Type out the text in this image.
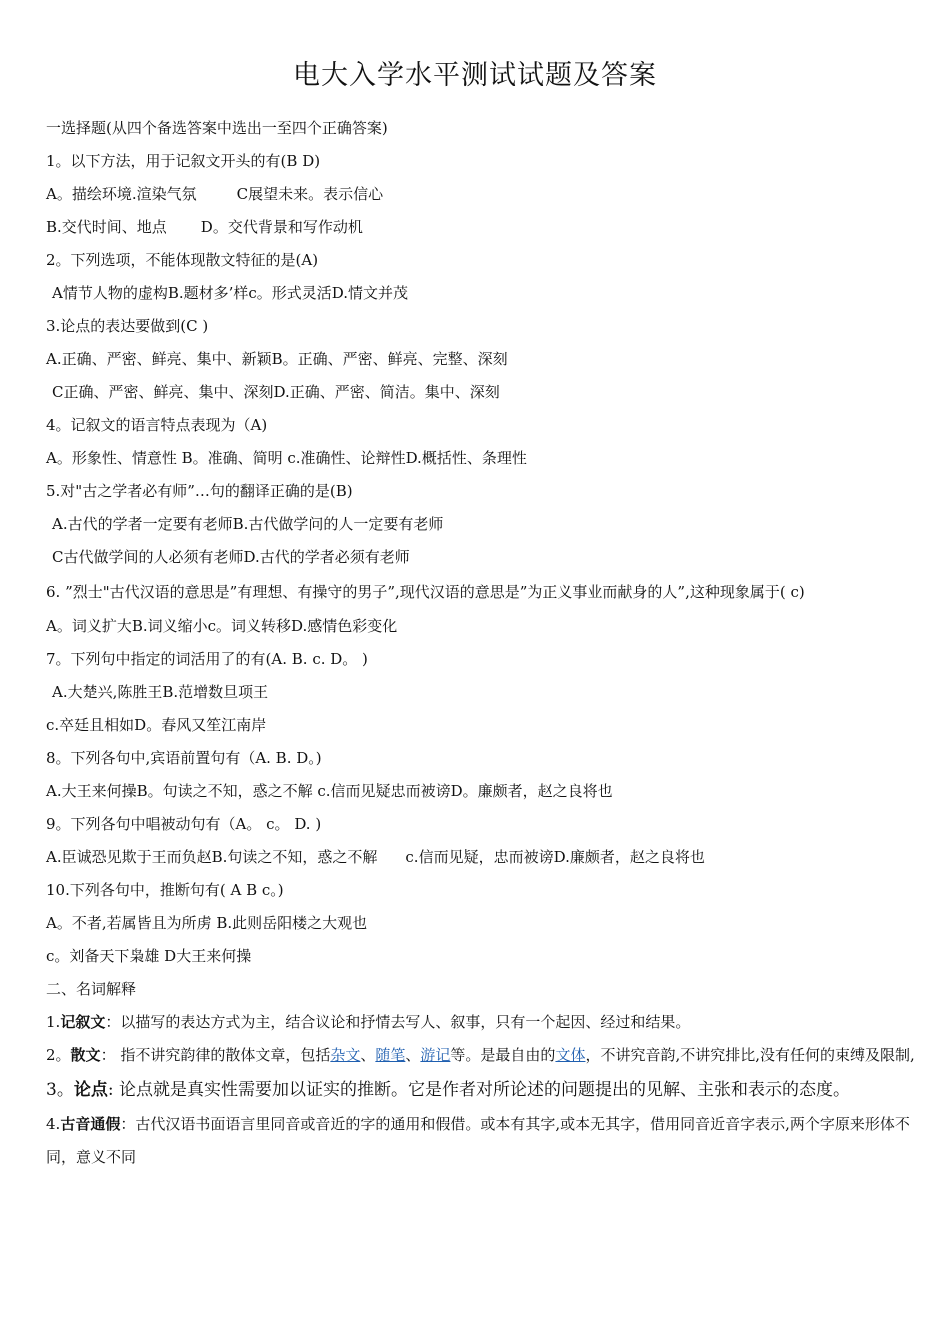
电大入学水平测试试题及答案
一选择题(从四个备选答案中选出一至四个正确答案)
1。以下方法，用于记叙文开头的有(B D)
A。描绘环境.渲染气氛	C展望未来。表示信心
B.交代时间、地点 D。交代背景和写作动机
2。下列选项，不能体现散文特征的是(A)
A情节人物的虚构B.题材多’样c。形式灵活D.情文并茂
3.论点的表达要做到(C )
A.正确、严密、鲜亮、集中、新颖B。正确、严密、鲜亮、完整、深刻
C正确、严密、鲜亮、集中、深刻D.正确、严密、简洁。集中、深刻
4。记叙文的语言特点表现为（A)
A。形象性、情意性 B。准确、简明 c.准确性、论辩性D.概括性、条理性
5.对"古之学者必有师”…句的翻译正确的是(B)
A.古代的学者一定要有老师B.古代做学问的人一定要有老师
C古代做学间的人必须有老师D.古代的学者必须有老师
6. ”烈士"古代汉语的意思是”有理想、有操守的男子”,现代汉语的意思是”为正义事业而献身的人”,这种现象属于( c)
A。词义扩大B.词义缩小c。词义转移D.感情色彩变化
7。下列句中指定的词活用了的有(A. B. c. D。 )
A.大楚兴,陈胜王B.范增数旦项王
c.卒廷且相如D。春风又笙江南岸
8。下列各句中,宾语前置句有（A. B. D。)
A.大王来何操B。句读之不知，惑之不解 c.信而见疑忠而被谤D。廉颇者，赵之良将也
9。下列各句中唱被动句有（A。 c。 D. )
A.臣诚恐见欺于王而负赵B.句读之不知，惑之不解 c.信而见疑，忠而被谤D.廉颇者，赵之良将也
10.下列各句中，推断句有( A B c。)
A。不者,若属皆且为所虏 B.此则岳阳楼之大观也
c。刘备天下枭雄 D大王来何操
二、名词解释
1.记叙文：以描写的表达方式为主，结合议论和抒情去写人、叙事，只有一个起因、经过和结果。
2。散文： 指不讲究韵律的散体文章，包括杂文、随笔、游记等。是最自由的文体，不讲究音韵,不讲究排比,没有任何的束缚及限制,
3。论点: 论点就是真实性需要加以证实的推断。它是作者对所论述的问题提出的见解、主张和表示的态度。
4.古音通假：古代汉语书面语言里同音或音近的字的通用和假借。或本有其字,或本无其字，借用同音近音字表示,两个字原来形体不同，意义不同
